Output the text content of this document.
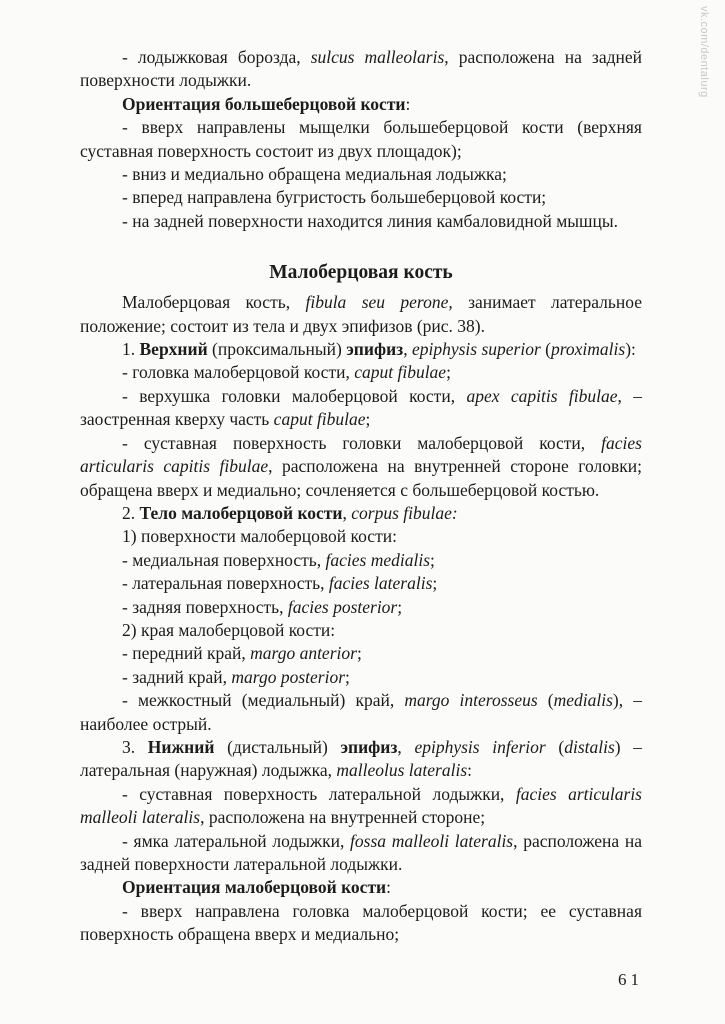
vk.com/dentalurg

- лодыжковая борозда, sulcus malleolaris, расположена на задней поверхности лодыжки.

Ориентация большеберцовой кости:

- вверх направлены мыщелки большеберцовой кости (верхняя суставная поверхность состоит из двух площадок);

- вниз и медиально обращена медиальная лодыжка;

- вперед направлена бугристость большеберцовой кости;

- на задней поверхности находится линия камбаловидной мышцы.

Малоберцовая кость

Малоберцовая кость, fibula seu perone, занимает латеральное положение; состоит из тела и двух эпифизов (рис. 38).

1. Верхний (проксимальный) эпифиз, epiphysis superior (proximalis):

- головка малоберцовой кости, caput fibulae;

- верхушка головки малоберцовой кости, apex capitis fibulae, – заостренная кверху часть caput fibulae;

- суставная поверхность головки малоберцовой кости, facies articularis capitis fibulae, расположена на внутренней стороне головки; обращена вверх и медиально; сочленяется с большеберцовой костью.

2. Тело малоберцовой кости, corpus fibulae:

1) поверхности малоберцовой кости:

- медиальная поверхность, facies medialis;

- латеральная поверхность, facies lateralis;

- задняя поверхность, facies posterior;

2) края малоберцовой кости:

- передний край, margo anterior;

- задний край, margo posterior;

- межкостный (медиальный) край, margo interosseus (medialis), – наиболее острый.

3. Нижний (дистальный) эпифиз, epiphysis inferior (distalis) – латеральная (наружная) лодыжка, malleolus lateralis:

- суставная поверхность латеральной лодыжки, facies articularis malleoli lateralis, расположена на внутренней стороне;

- ямка латеральной лодыжки, fossa malleoli lateralis, расположена на задней поверхности латеральной лодыжки.

Ориентация малоберцовой кости:

- вверх направлена головка малоберцовой кости; ее суставная поверхность обращена вверх и медиально;

61
